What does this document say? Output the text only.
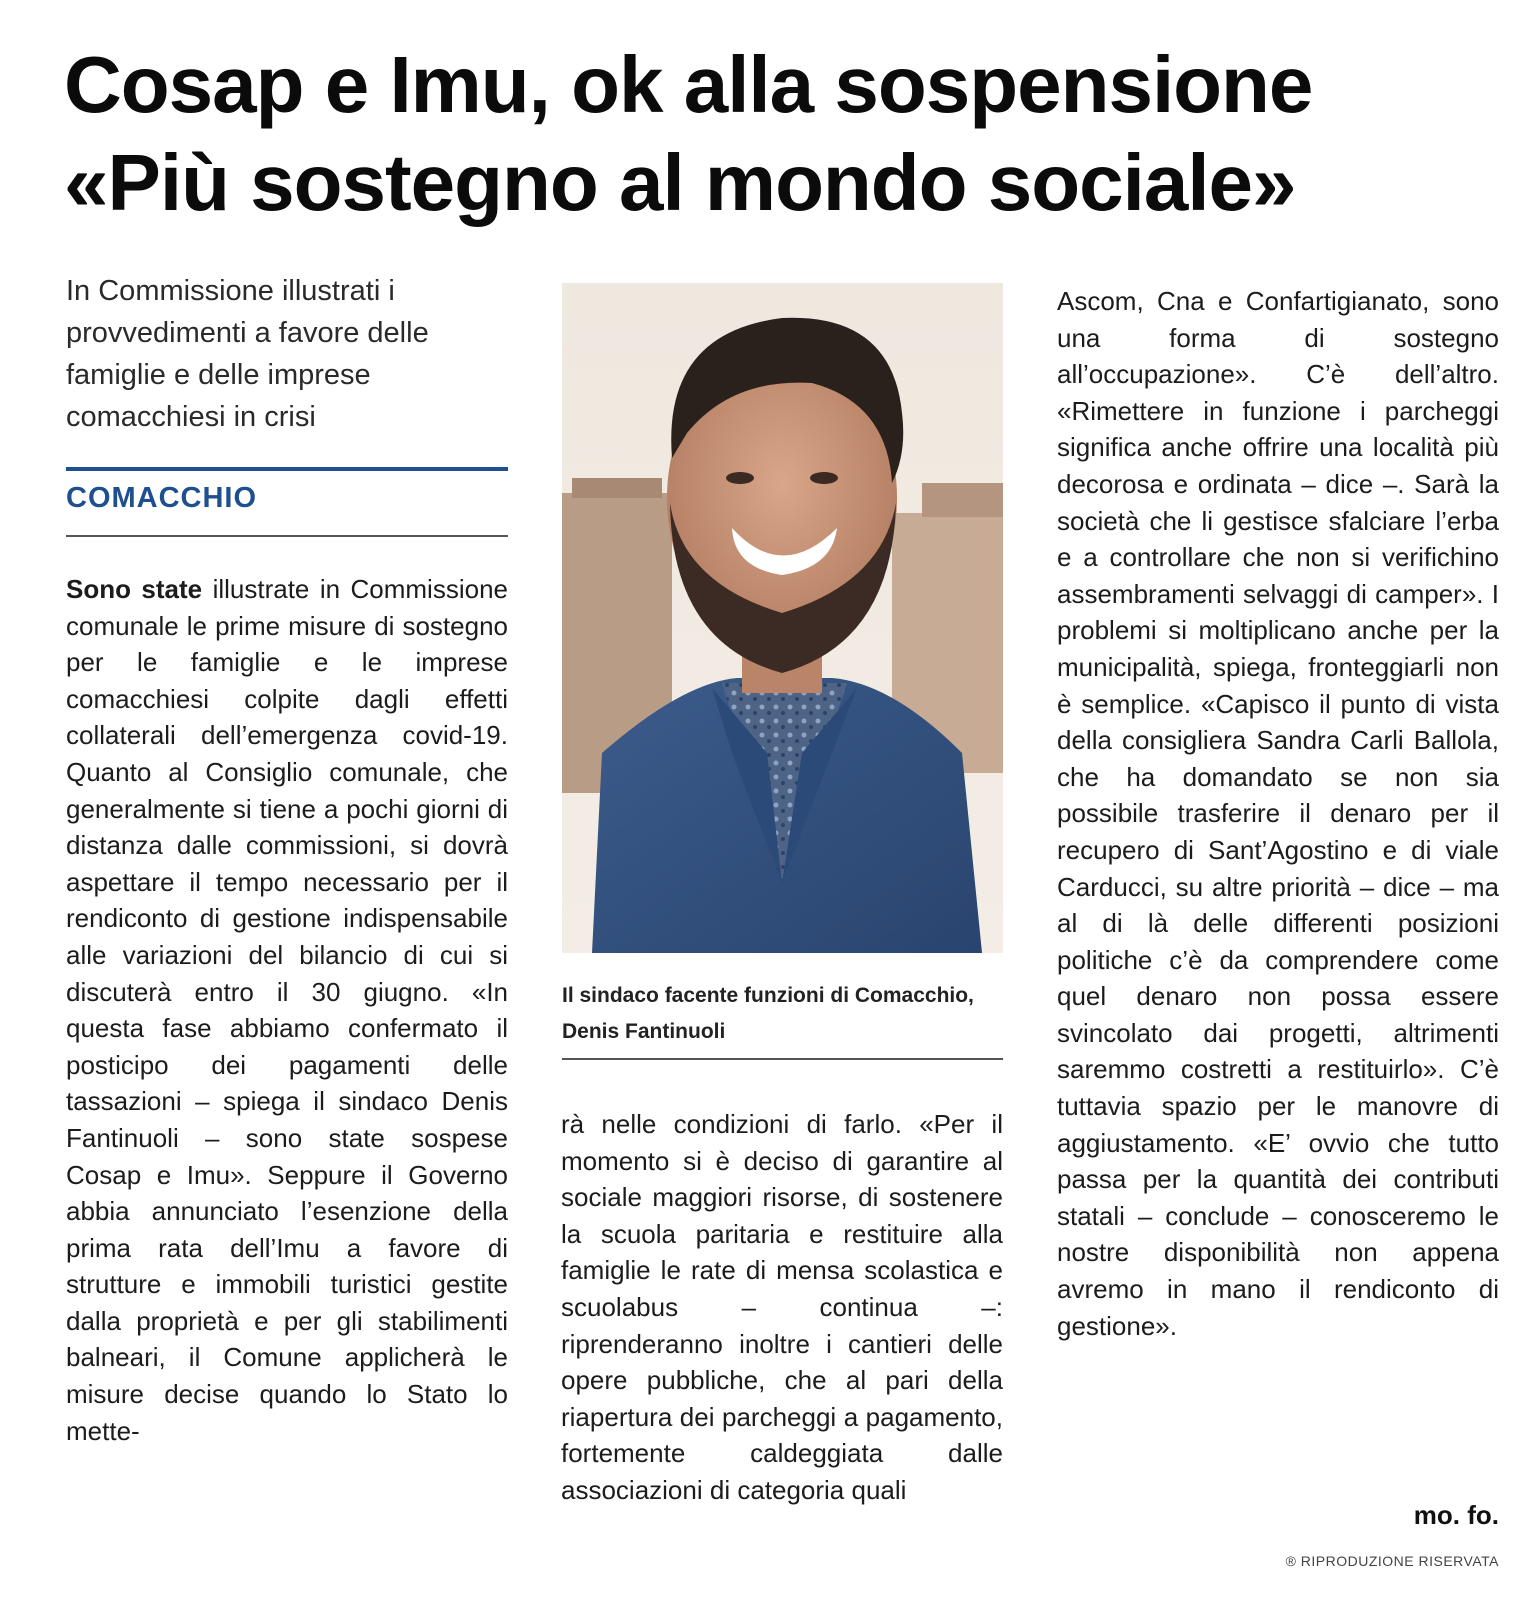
Cosap e Imu, ok alla sospensione
«Più sostegno al mondo sociale»
In Commissione illustrati i provvedimenti a favore delle famiglie e delle imprese comacchiesi in crisi
COMACCHIO

Sono state illustrate in Commissione comunale le prime misure di sostegno per le famiglie e le imprese comacchiesi colpite dagli effetti collaterali dell’emergenza covid-19. Quanto al Consiglio comunale, che generalmente si tiene a pochi giorni di distanza dalle commissioni, si dovrà aspettare il tempo necessario per il rendiconto di gestione indispensabile alle variazioni del bilancio di cui si discuterà entro il 30 giugno. «In questa fase abbiamo confermato il posticipo dei pagamenti delle tassazioni – spiega il sindaco Denis Fantinuoli – sono state sospese Cosap e Imu». Seppure il Governo abbia annunciato l’esenzione della prima rata dell’Imu a favore di strutture e immobili turistici gestite dalla proprietà e per gli stabilimenti balneari, il Comune applicherà le misure decise quando lo Stato lo mette-

Il sindaco facente funzioni di Comacchio, Denis Fantinuoli

rà nelle condizioni di farlo. «Per il momento si è deciso di garantire al sociale maggiori risorse, di sostenere la scuola paritaria e restituire alla famiglie le rate di mensa scolastica e scuolabus – continua –: riprenderanno inoltre i cantieri delle opere pubbliche, che al pari della riapertura dei parcheggi a pagamento, fortemente caldeggiata dalle associazioni di categoria quali

Ascom, Cna e Confartigianato, sono una forma di sostegno all’occupazione». C’è dell’altro. «Rimettere in funzione i parcheggi significa anche offrire una località più decorosa e ordinata – dice –. Sarà la società che li gestisce sfalciare l’erba e a controllare che non si verifichino assembramenti selvaggi di camper». I problemi si moltiplicano anche per la municipalità, spiega, fronteggiarli non è semplice. «Capisco il punto di vista della consigliera Sandra Carli Ballola, che ha domandato se non sia possibile trasferire il denaro per il recupero di Sant’Agostino e di viale Carducci, su altre priorità – dice – ma al di là delle differenti posizioni politiche c’è da comprendere come quel denaro non possa essere svincolato dai progetti, altrimenti saremmo costretti a restituirlo». C’è tuttavia spazio per le manovre di aggiustamento. «E’ ovvio che tutto passa per la quantità dei contributi statali – conclude – conosceremo le nostre disponibilità non appena avremo in mano il rendiconto di gestione».

mo. fo.
® RIPRODUZIONE RISERVATA
